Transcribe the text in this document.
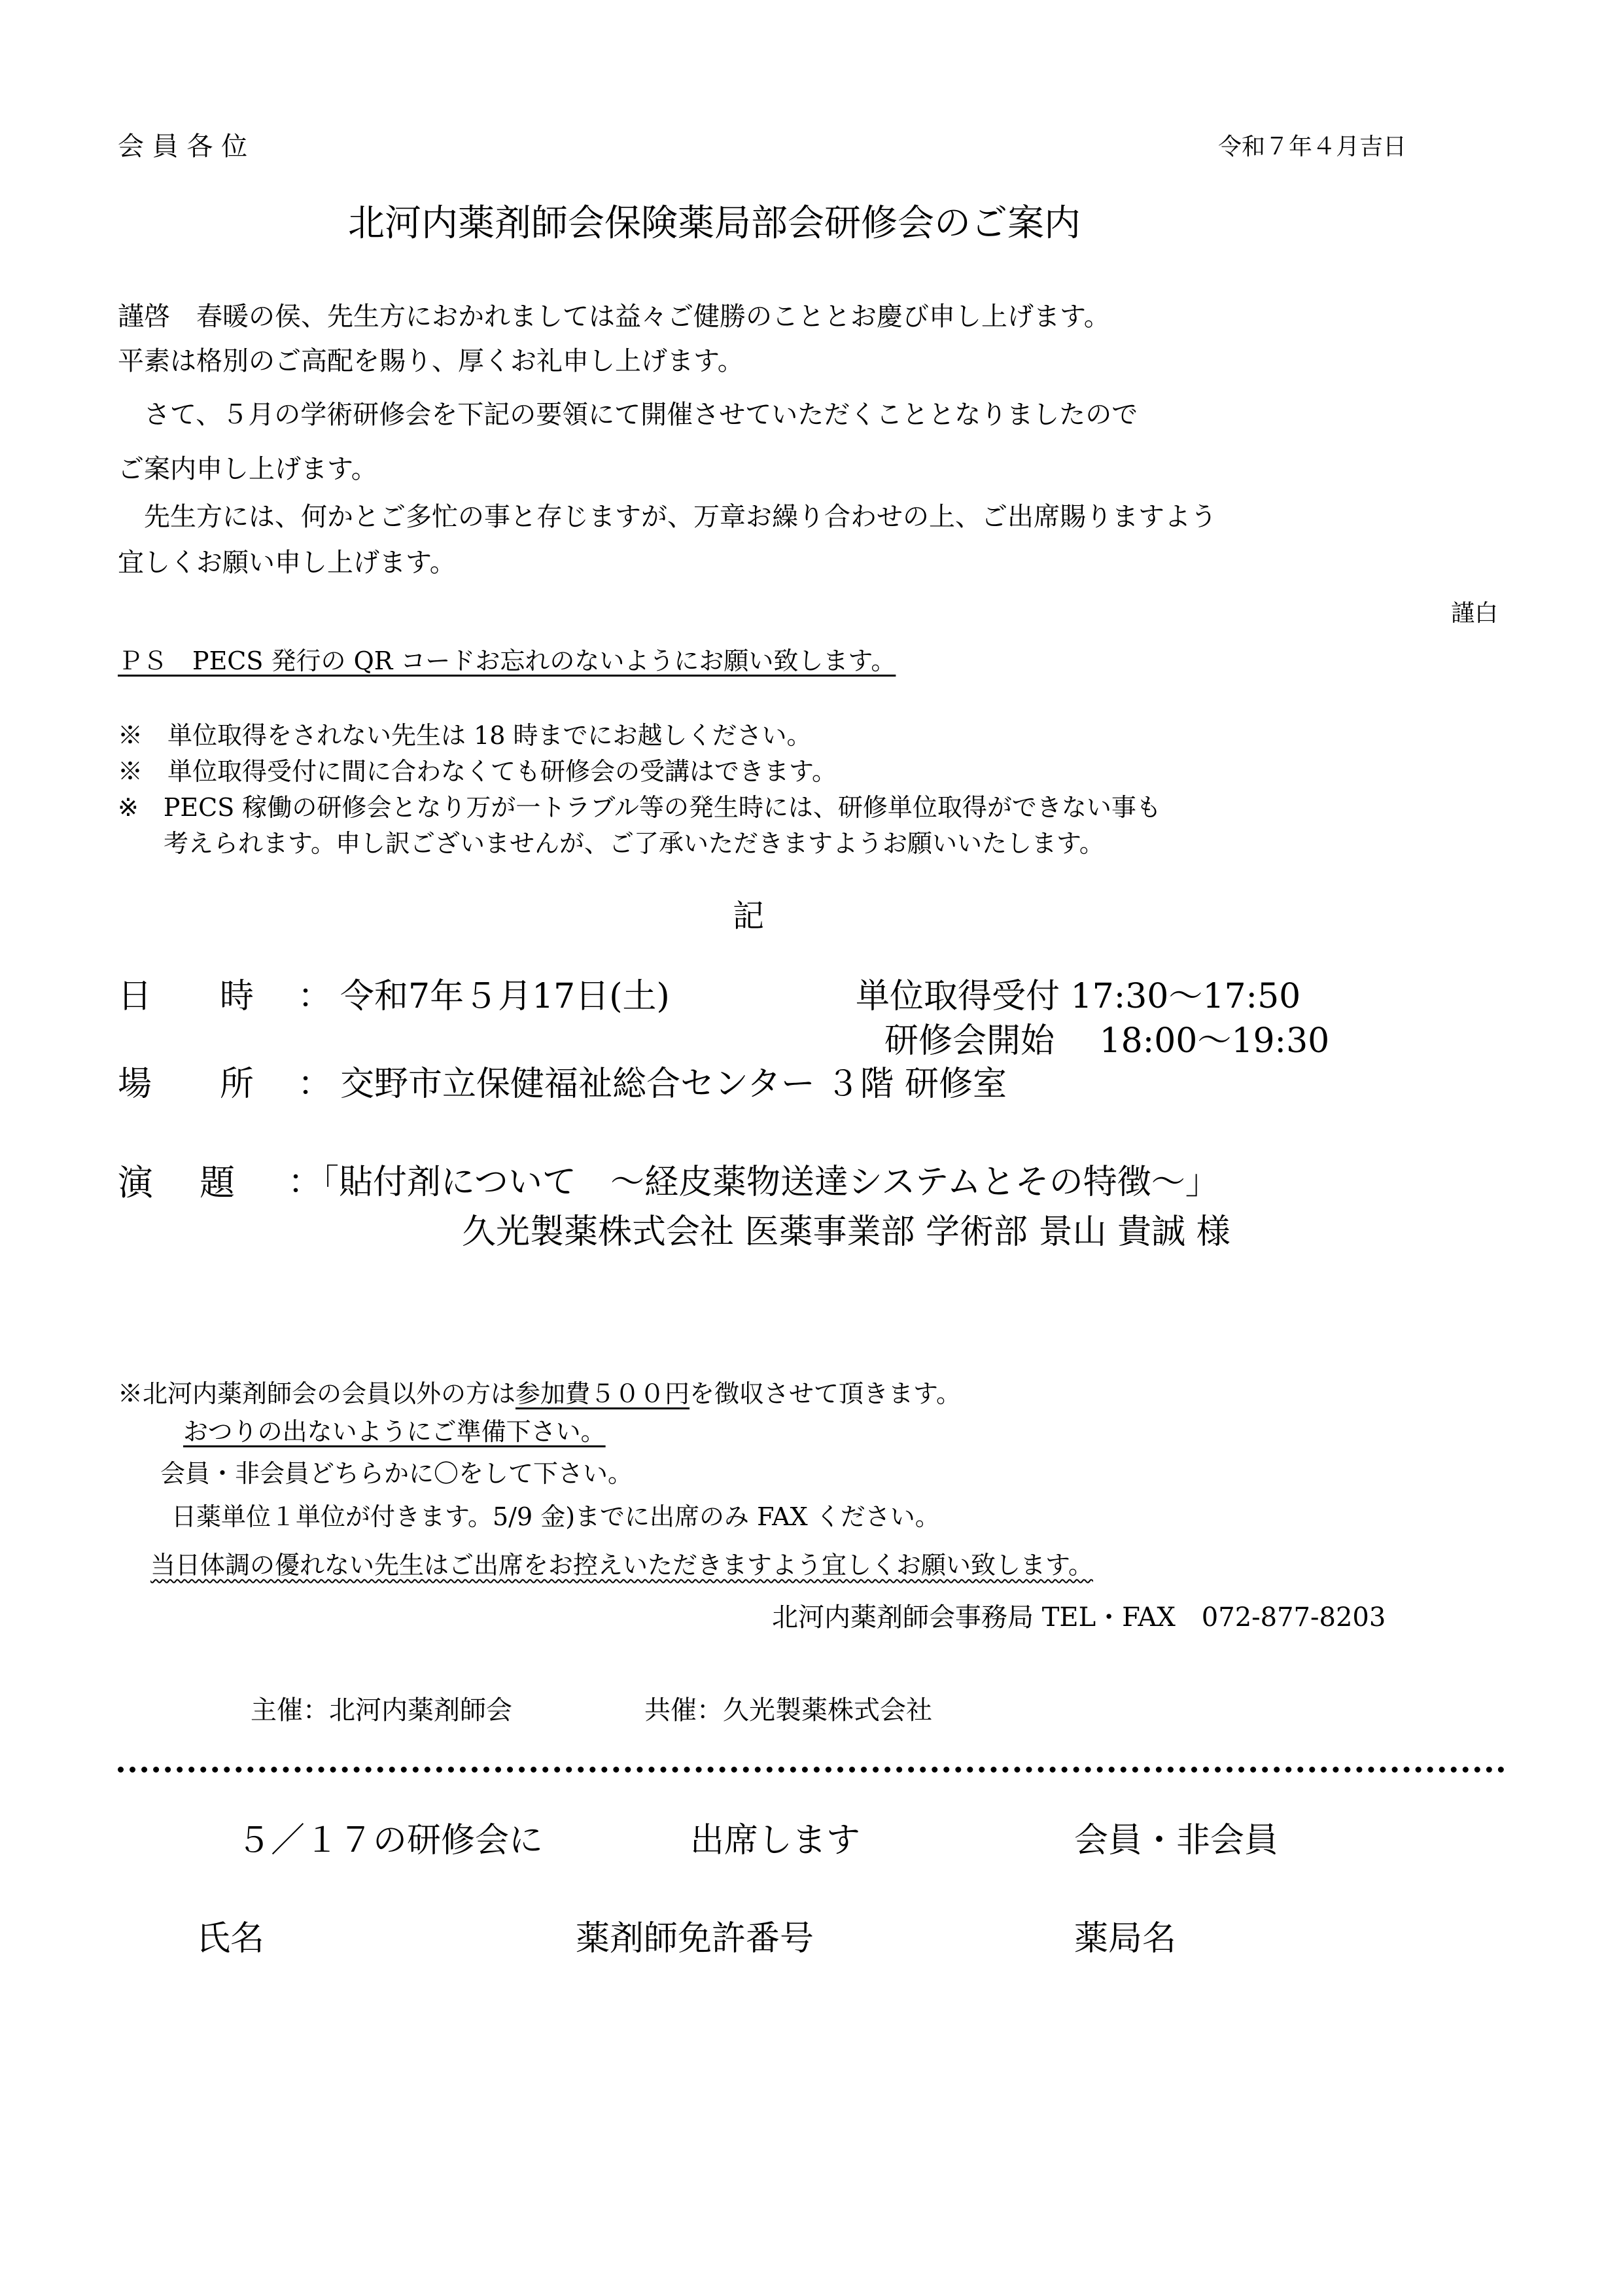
会 員 各 位	令和７年４月吉日
北河内薬剤師会保険薬局部会研修会のご案内
謹啓　春暖の侯、先生方におかれましては益々ご健勝のこととお慶び申し上げます。
平素は格別のご高配を賜り、厚くお礼申し上げます。
　さて、５月の学術研修会を下記の要領にて開催させていただくこととなりましたので
ご案内申し上げます。
　先生方には、何かとご多忙の事と存じますが、万章お繰り合わせの上、ご出席賜りますよう
宜しくお願い申し上げます。
謹白
ＰＳ　PECS 発行の QR コードお忘れのないようにお願い致します。
※　単位取得をされない先生は 18 時までにお越しください。
※　単位取得受付に間に合わなくても研修会の受講はできます。
※　PECS 稼働の研修会となり万が一トラブル等の発生時には、研修単位取得ができない事も
考えられます。申し訳ございませんが、ご了承いただきますようお願いいたします。
記
日　　時 ： 令和7年５月17日(土)	単位取得受付 17:30〜17:50
研修会開始　 18:00〜19:30
場　　所 ： 交野市立保健福祉総合センター ３階 研修室
演　 題 ：「貼付剤について　〜経皮薬物送達システムとその特徴〜」
久光製薬株式会社 医薬事業部 学術部 景山 貴誠 様
※北河内薬剤師会の会員以外の方は参加費５００円を徴収させて頂きます。
おつりの出ないようにご準備下さい。
会員・非会員どちらかに〇をして下さい。
日薬単位１単位が付きます。5/9 金)までに出席のみ FAX ください。
当日体調の優れない先生はご出席をお控えいただきますよう宜しくお願い致します。
北河内薬剤師会事務局 TEL・FAX　072-877-8203
主催：北河内薬剤師会	共催：久光製薬株式会社
５／１７の研修会に	出席します	会員・非会員
氏名	薬剤師免許番号	薬局名
